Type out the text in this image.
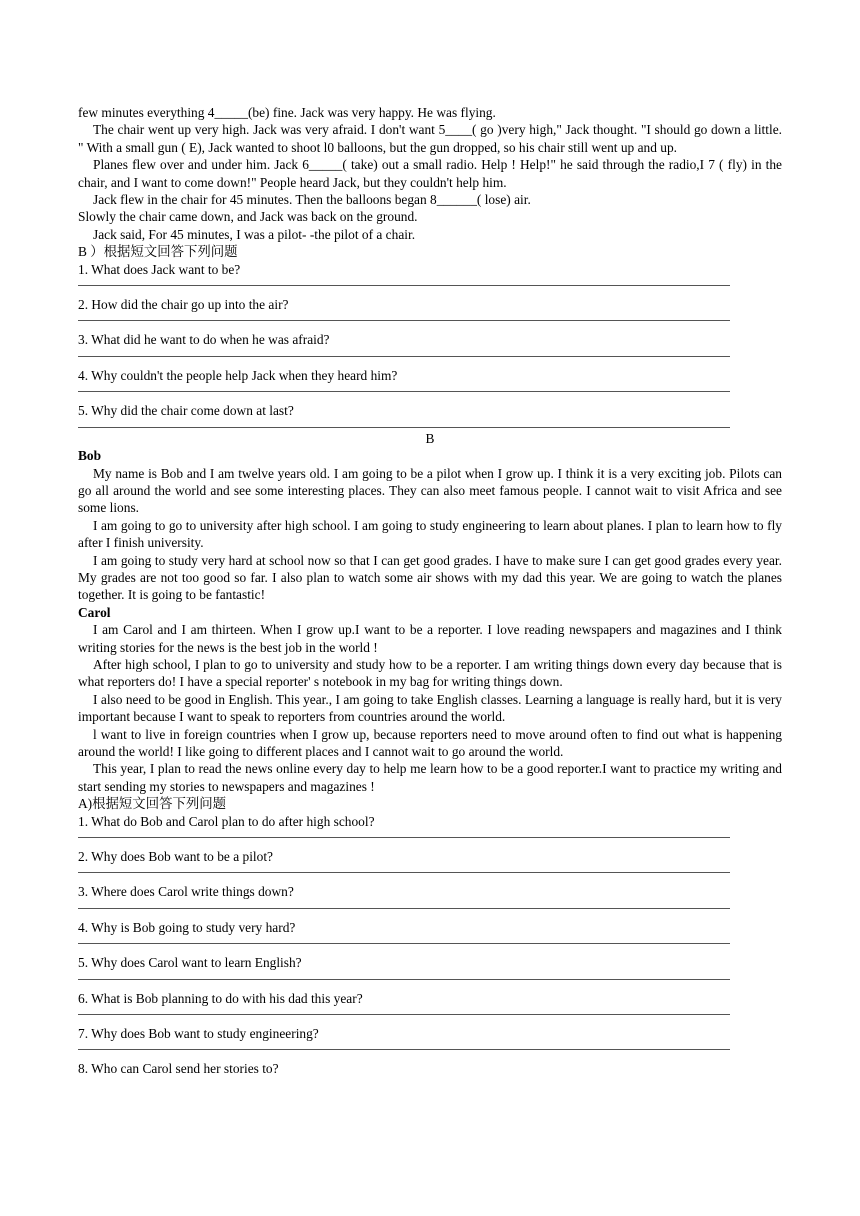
few minutes everything 4_____(be) fine. Jack was very happy. He was flying.

The chair went up very high. Jack was very afraid. I don't want 5____( go )very high," Jack thought. "I should go down a little. " With a small gun ( E), Jack wanted to shoot l0 balloons, but the gun dropped, so his chair still went up and up.

Planes flew over and under him. Jack 6_____( take) out a small radio. Help ! Help!" he said through the radio,I 7 ( fly) in the chair, and I want to come down!" People heard Jack, but they couldn't help him.

Jack flew in the chair for 45 minutes. Then the balloons began 8______( lose) air.

Slowly the chair came down, and Jack was back on the ground.

Jack said, For 45 minutes, I was a pilot- -the pilot of a chair.

B ）根据短文回答下列问题

1. What does Jack want to be?

2. How did the chair go up into the air?

3. What did he want to do when he was afraid?

4. Why couldn't the people help Jack when they heard him?

5. Why did the chair come down at last?

B

Bob

My name is Bob and I am twelve years old. I am going to be a pilot when I grow up. I think it is a very exciting job. Pilots can go all around the world and see some interesting places. They can also meet famous people. I cannot wait to visit Africa and see some lions.

I am going to go to university after high school. I am going to study engineering to learn about planes. I plan to learn how to fly after I finish university.

I am going to study very hard at school now so that I can get good grades. I have to make sure I can get good grades every year. My grades are not too good so far. I also plan to watch some air shows with my dad this year. We are going to watch the planes together. It is going to be fantastic!

Carol

I am Carol and I am thirteen. When I grow up.I want to be a reporter. I love reading newspapers and magazines and I think writing stories for the news is the best job in the world !

After high school, I plan to go to university and study how to be a reporter. I am writing things down every day because that is what reporters do! I have a special reporter' s notebook in my bag for writing things down.

I also need to be good in English. This year., I am going to take English classes. Learning a language is really hard, but it is very important because I want to speak to reporters from countries around the world.

l want to live in foreign countries when I grow up, because reporters need to move around often to find out what is happening around the world! I like going to different places and I cannot wait to go around the world.

This year, I plan to read the news online every day to help me learn how to be a good reporter.I want to practice my writing and start sending my stories to newspapers and magazines !

A)根据短文回答下列问题

1. What do Bob and Carol plan to do after high school?

2. Why does Bob want to be a pilot?

3. Where does Carol write things down?

4. Why is Bob going to study very hard?

5. Why does Carol want to learn English?

6. What is Bob planning to do with his dad this year?

7. Why does Bob want to study engineering?

8. Who can Carol send her stories to?
